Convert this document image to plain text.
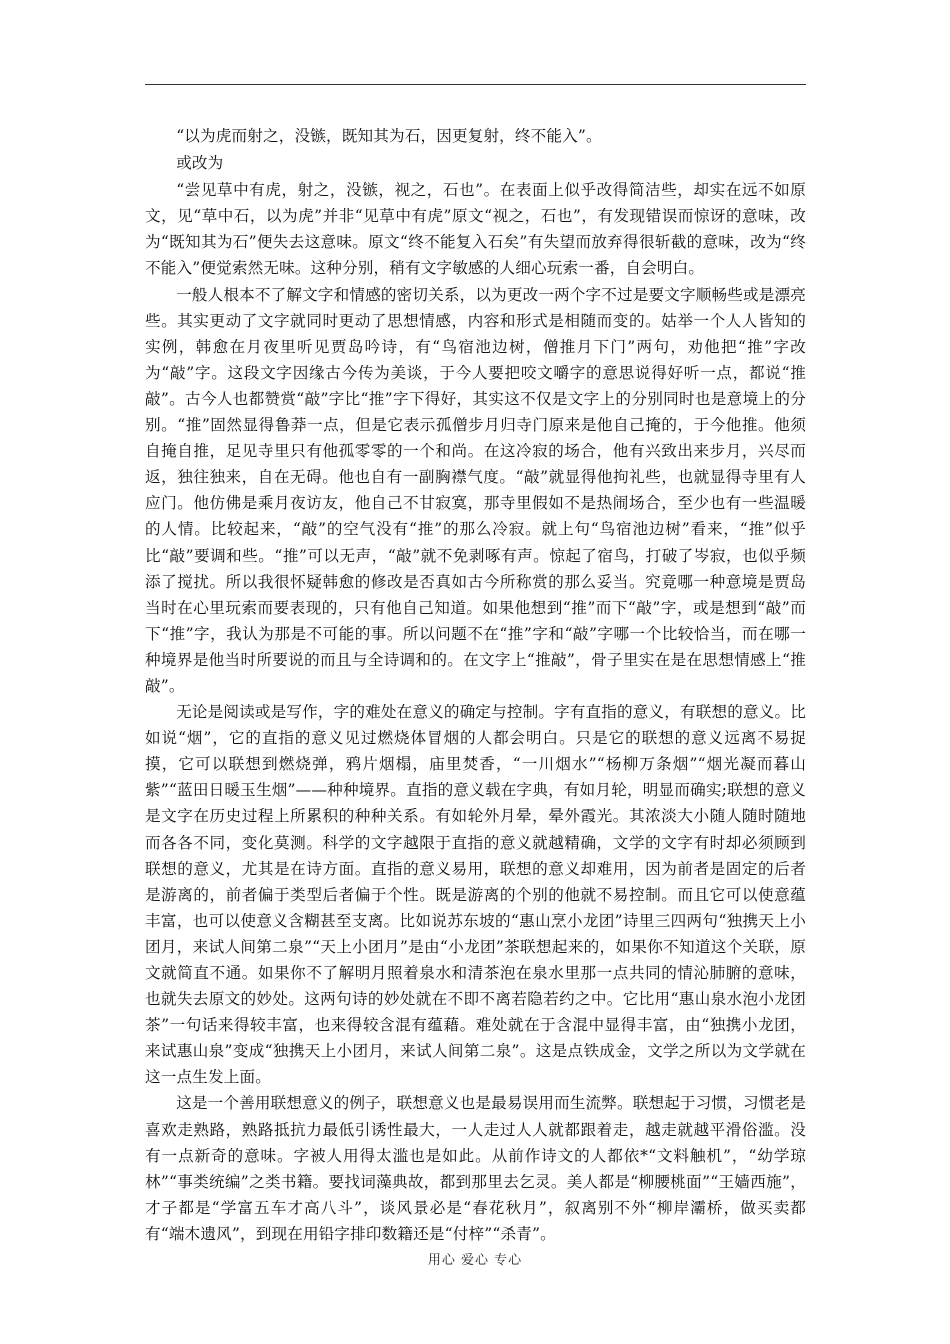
“以为虎而射之，没镞，既知其为石，因更复射，终不能入”。

或改为

“尝见草中有虎，射之，没镞，视之，石也”。在表面上似乎改得简洁些，却实在远不如原文，见“草中石，以为虎”并非“见草中有虎”原文“视之，石也”，有发现错误而惊讶的意味，改为“既知其为石”便失去这意味。原文“终不能复入石矣”有失望而放弃得很斩截的意味，改为“终不能入”便觉索然无味。这种分别，稍有文字敏感的人细心玩索一番，自会明白。

一般人根本不了解文字和情感的密切关系，以为更改一两个字不过是要文字顺畅些或是漂亮些。其实更动了文字就同时更动了思想情感，内容和形式是相随而变的。姑举一个人人皆知的实例，韩愈在月夜里听见贾岛吟诗，有“鸟宿池边树，僧推月下门”两句，劝他把“推”字改为“敲”字。这段文字因缘古今传为美谈，于今人要把咬文嚼字的意思说得好听一点，都说“推敲”。古今人也都赞赏“敲”字比“推”字下得好，其实这不仅是文字上的分别同时也是意境上的分别。“推”固然显得鲁莽一点，但是它表示孤僧步月归寺门原来是他自己掩的，于今他推。他须自掩自推，足见寺里只有他孤零零的一个和尚。在这冷寂的场合，他有兴致出来步月，兴尽而返，独往独来，自在无碍。他也自有一副胸襟气度。“敲”就显得他拘礼些，也就显得寺里有人应门。他仿佛是乘月夜访友，他自己不甘寂寞，那寺里假如不是热闹场合，至少也有一些温暖的人情。比较起来，“敲”的空气没有“推”的那么冷寂。就上句“鸟宿池边树”看来，“推”似乎比“敲”要调和些。“推”可以无声，“敲”就不免剥啄有声。惊起了宿鸟，打破了岑寂，也似乎频添了搅扰。所以我很怀疑韩愈的修改是否真如古今所称赏的那么妥当。究竟哪一种意境是贾岛当时在心里玩索而要表现的，只有他自己知道。如果他想到“推”而下“敲”字，或是想到“敲”而下“推”字，我认为那是不可能的事。所以问题不在“推”字和“敲”字哪一个比较恰当，而在哪一种境界是他当时所要说的而且与全诗调和的。在文字上“推敲”，骨子里实在是在思想情感上“推敲”。

无论是阅读或是写作，字的难处在意义的确定与控制。字有直指的意义，有联想的意义。比如说“烟”，它的直指的意义见过燃烧体冒烟的人都会明白。只是它的联想的意义远离不易捉摸，它可以联想到燃烧弹，鸦片烟榻，庙里焚香，“一川烟水”“杨柳万条烟”“烟光凝而暮山紫”“蓝田日暖玉生烟”——种种境界。直指的意义载在字典，有如月轮，明显而确实;联想的意义是文字在历史过程上所累积的种种关系。有如轮外月晕，晕外霞光。其浓淡大小随人随时随地而各各不同，变化莫测。科学的文字越限于直指的意义就越精确，文学的文字有时却必须顾到联想的意义，尤其是在诗方面。直指的意义易用，联想的意义却难用，因为前者是固定的后者是游离的，前者偏于类型后者偏于个性。既是游离的个别的他就不易控制。而且它可以使意蕴丰富，也可以使意义含糊甚至支离。比如说苏东坡的“惠山烹小龙团”诗里三四两句“独携天上小团月，来试人间第二泉”“天上小团月”是由“小龙团”茶联想起来的，如果你不知道这个关联，原文就简直不通。如果你不了解明月照着泉水和清茶泡在泉水里那一点共同的情沁肺腑的意味，也就失去原文的妙处。这两句诗的妙处就在不即不离若隐若约之中。它比用“惠山泉水泡小龙团茶”一句话来得较丰富，也来得较含混有蕴藉。难处就在于含混中显得丰富，由“独携小龙团，来试惠山泉”变成“独携天上小团月，来试人间第二泉”。这是点铁成金，文学之所以为文学就在这一点生发上面。

这是一个善用联想意义的例子，联想意义也是最易误用而生流弊。联想起于习惯，习惯老是喜欢走熟路，熟路抵抗力最低引诱性最大，一人走过人人就都跟着走，越走就越平滑俗滥。没有一点新奇的意味。字被人用得太滥也是如此。从前作诗文的人都依*“文料触机”，“幼学琼林”“事类统编”之类书籍。要找词藻典故，都到那里去乞灵。美人都是“柳腰桃面”“王嫱西施”，才子都是“学富五车才高八斗”，谈风景必是“春花秋月”，叙离别不外“柳岸灞桥，做买卖都有“端木遗风”，到现在用铅字排印数籍还是“付梓”“杀青”。

用心 爱心 专心
